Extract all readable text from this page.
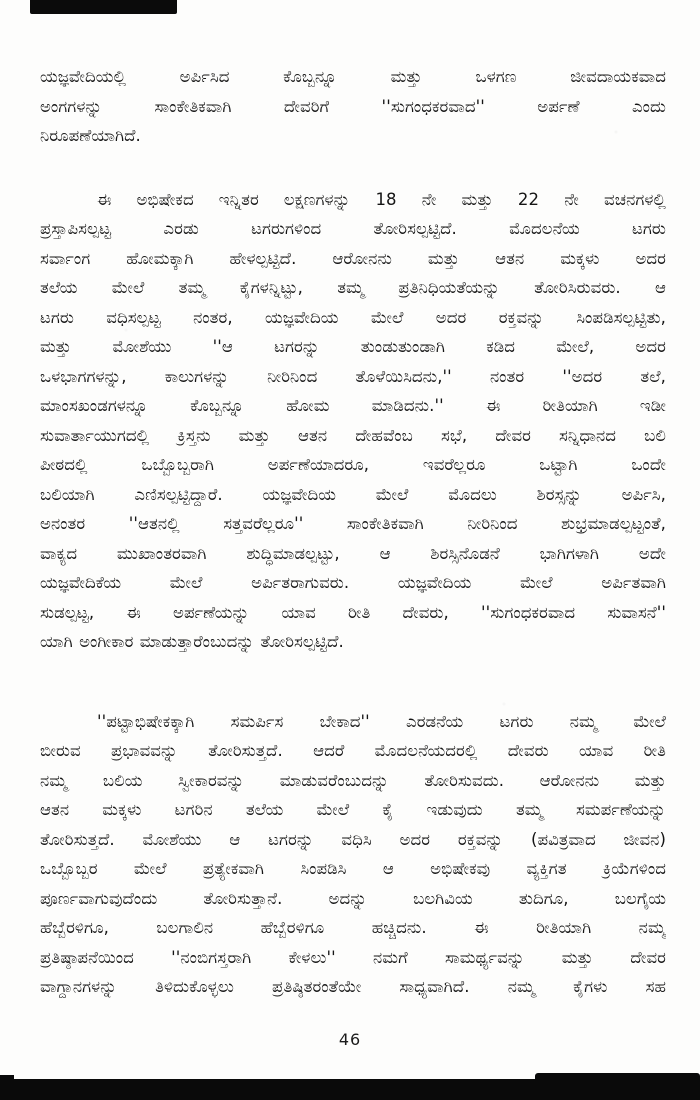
ಯಜ್ಞವೇದಿಯಲ್ಲಿ ಅರ್ಪಿಸಿದ ಕೊಬ್ಬನ್ನೂ ಮತ್ತು ಒಳಗಣ ಜೀವದಾಯಕವಾದ
ಅಂಗಗಳನ್ನು ಸಾಂಕೇತಿಕವಾಗಿ ದೇವರಿಗೆ ''ಸುಗಂಧಕರವಾದ'' ಅರ್ಪಣೆ ಎಂದು
ನಿರೂಪಣೆಯಾಗಿದೆ.
ಈ ಅಭಿಷೇಕದ ಇನ್ನಿತರ ಲಕ್ಷಣಗಳನ್ನು 18 ನೇ ಮತ್ತು 22 ನೇ ವಚನಗಳಲ್ಲಿ
ಪ್ರಸ್ತಾಪಿಸಲ್ಪಟ್ಟ ಎರಡು ಟಗರುಗಳಿಂದ ತೋರಿಸಲ್ಪಟ್ಟಿದೆ. ಮೊದಲನೆಯ ಟಗರು
ಸರ್ವಾಂಗ ಹೋಮಕ್ಕಾಗಿ ಹೇಳಲ್ಪಟ್ಟಿದೆ. ಆರೋನನು ಮತ್ತು ಆತನ ಮಕ್ಕಳು ಅದರ
ತಲೆಯ ಮೇಲೆ ತಮ್ಮ ಕೈಗಳನ್ನಿಟ್ಟು, ತಮ್ಮ ಪ್ರತಿನಿಧಿಯತೆಯನ್ನು ತೋರಿಸಿರುವರು. ಆ
ಟಗರು ವಧಿಸಲ್ಪಟ್ಟ ನಂತರ, ಯಜ್ಞವೇದಿಯ ಮೇಲೆ ಅದರ ರಕ್ತವನ್ನು ಸಿಂಪಡಿಸಲ್ಪಟ್ಟಿತು,
ಮತ್ತು ಮೋಶೆಯು ''ಆ ಟಗರನ್ನು ತುಂಡುತುಂಡಾಗಿ ಕಡಿದ ಮೇಲೆ, ಅದರ
ಒಳಭಾಗಗಳನ್ನು, ಕಾಲುಗಳನ್ನು ನೀರಿನಿಂದ ತೊಳೆಯಿಸಿದನು,'' ನಂತರ ''ಅದರ ತಲೆ,
ಮಾಂಸಖಂಡಗಳನ್ನೂ ಕೊಬ್ಬನ್ನೂ ಹೋಮ ಮಾಡಿದನು.'' ಈ ರೀತಿಯಾಗಿ ಇಡೀ
ಸುವಾರ್ತಾಯುಗದಲ್ಲಿ ಕ್ರಿಸ್ತನು ಮತ್ತು ಆತನ ದೇಹವೆಂಬ ಸಭೆ, ದೇವರ ಸನ್ನಿಧಾನದ ಬಲಿ
ಪೀಠದಲ್ಲಿ ಒಬ್ಬೊಬ್ಬರಾಗಿ ಅರ್ಪಣೆಯಾದರೂ, ಇವರೆಲ್ಲರೂ ಒಟ್ಟಾಗಿ ಒಂದೇ
ಬಲಿಯಾಗಿ ಎಣಿಸಲ್ಪಟ್ಟಿದ್ದಾರೆ. ಯಜ್ಞವೇದಿಯ ಮೇಲೆ ಮೊದಲು ಶಿರಸ್ಸನ್ನು ಅರ್ಪಿಸಿ,
ಅನಂತರ ''ಆತನಲ್ಲಿ ಸತ್ತವರೆಲ್ಲರೂ'' ಸಾಂಕೇತಿಕವಾಗಿ ನೀರಿನಿಂದ ಶುಭ್ರಮಾಡಲ್ಪಟ್ಟಂತೆ,
ವಾಕ್ಯದ ಮುಖಾಂತರವಾಗಿ ಶುದ್ಧಿಮಾಡಲ್ಪಟ್ಟು, ಆ ಶಿರಸ್ಸಿನೊಡನೆ ಭಾಗಿಗಳಾಗಿ ಅದೇ
ಯಜ್ಞವೇದಿಕೆಯ ಮೇಲೆ ಅರ್ಪಿತರಾಗುವರು. ಯಜ್ಞವೇದಿಯ ಮೇಲೆ ಅರ್ಪಿತವಾಗಿ
ಸುಡಲ್ಪಟ್ಟ, ಈ ಅರ್ಪಣೆಯನ್ನು ಯಾವ ರೀತಿ ದೇವರು, ''ಸುಗಂಧಕರವಾದ ಸುವಾಸನೆ''
ಯಾಗಿ ಅಂಗೀಕಾರ ಮಾಡುತ್ತಾರೆಂಬುದನ್ನು ತೋರಿಸಲ್ಪಟ್ಟಿದೆ.
''ಪಟ್ಟಾಭಿಷೇಕಕ್ಕಾಗಿ ಸಮರ್ಪಿಸ ಬೇಕಾದ'' ಎರಡನೆಯ ಟಗರು ನಮ್ಮ ಮೇಲೆ
ಬೀರುವ ಪ್ರಭಾವವನ್ನು ತೋರಿಸುತ್ತದೆ. ಆದರೆ ಮೊದಲನೆಯದರಲ್ಲಿ ದೇವರು ಯಾವ ರೀತಿ
ನಮ್ಮ ಬಲಿಯ ಸ್ವೀಕಾರವನ್ನು ಮಾಡುವರೆಂಬುದನ್ನು ತೋರಿಸುವದು. ಆರೋನನು ಮತ್ತು
ಆತನ ಮಕ್ಕಳು ಟಗರಿನ ತಲೆಯ ಮೇಲೆ ಕೈ ಇಡುವುದು ತಮ್ಮ ಸಮರ್ಪಣೆಯನ್ನು
ತೋರಿಸುತ್ತದೆ. ಮೋಶೆಯು ಆ ಟಗರನ್ನು ವಧಿಸಿ ಅದರ ರಕ್ತವನ್ನು (ಪವಿತ್ರವಾದ ಜೀವನ)
ಒಬ್ಬೊಬ್ಬರ ಮೇಲೆ ಪ್ರತ್ಯೇಕವಾಗಿ ಸಿಂಪಡಿಸಿ ಆ ಅಭಿಷೇಕವು ವ್ಯಕ್ತಿಗತ ಕ್ರಿಯೆಗಳಿಂದ
ಪೂರ್ಣವಾಗುವುದೆಂದು ತೋರಿಸುತ್ತಾನೆ. ಅದನ್ನು ಬಲಗಿವಿಯ ತುದಿಗೂ, ಬಲಗೈಯ
ಹೆಬ್ಬೆರಳಿಗೂ, ಬಲಗಾಲಿನ ಹೆಬ್ಬೆರಳಿಗೂ ಹಚ್ಚಿದನು. ಈ ರೀತಿಯಾಗಿ ನಮ್ಮ
ಪ್ರತಿಷ್ಠಾಪನೆಯಿಂದ ''ನಂಬಿಗಸ್ತರಾಗಿ ಕೇಳಲು'' ನಮಗೆ ಸಾಮರ್ಥ್ಯವನ್ನು ಮತ್ತು ದೇವರ
ವಾಗ್ದಾನಗಳನ್ನು ತಿಳಿದುಕೊಳ್ಳಲು ಪ್ರತಿಷ್ಠಿತರಂತೆಯೇ ಸಾಧ್ಯವಾಗಿದೆ. ನಮ್ಮ ಕೈಗಳು ಸಹ
46
